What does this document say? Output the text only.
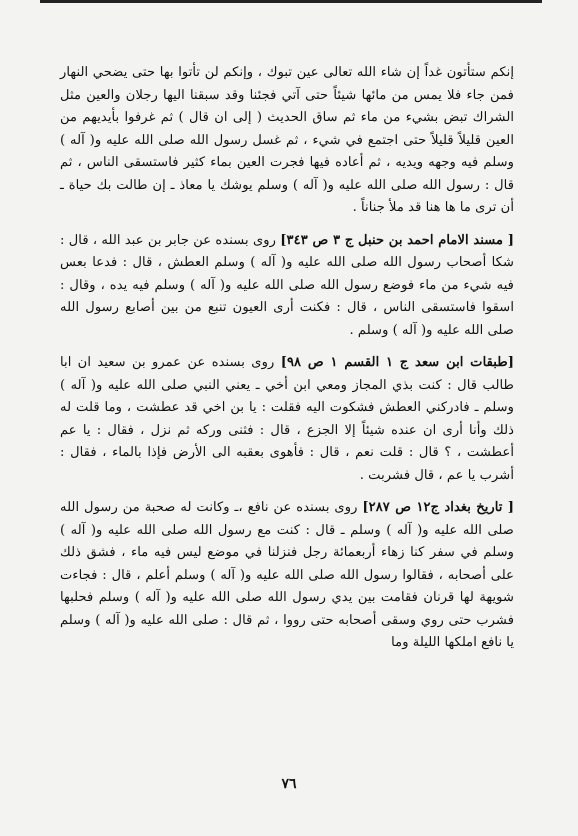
إنكم ستأتون غداً إن شاء الله تعالى عين تبوك ، وإنكم لن تأتوا بها حتى يضحي النهار فمن جاء فلا يمس من مائها شيئاً حتى آتي فجئنا وقد سبقنا اليها رجلان والعين مثل الشراك تبض بشيء من ماء ثم ساق الحديث ( إلى ان قال ) ثم غرفوا بأيديهم من العين قليلاً قليلاً حتى اجتمع في شيء ، ثم غسل رسول الله صلى الله عليه و( آله ) وسلم فيه وجهه ويديه ، ثم أعاده فيها فجرت العين بماء كثير فاستسقى الناس ، ثم قال : رسول الله صلى الله عليه و( آله ) وسلم يوشك يا معاذ ـ إن طالت بك حياة ـ أن ترى ما ها هنا قد ملأ جناناً .

[ مسند الامام احمد بن حنبل ج ٣ ص ٣٤٣] روى بسنده عن جابر بن عبد الله ، قال : شكا أصحاب رسول الله صلى الله عليه و( آله ) وسلم العطش ، قال : فدعا بعس فيه شيء من ماء فوضع رسول الله صلى الله عليه و( آله ) وسلم فيه يده ، وقال : اسقوا فاستسقى الناس ، قال : فكنت أرى العيون تنبع من بين أصابع رسول الله صلى الله عليه و( آله ) وسلم .

[طبقات ابن سعد ج ١ القسم ١ ص ٩٨] روى بسنده عن عمرو بن سعيد ان ابا طالب قال : كنت بذي المجاز ومعي ابن أخي ـ يعني النبي صلى الله عليه و( آله ) وسلم ـ فادركني العطش فشكوت اليه فقلت : يا بن اخي قد عطشت ، وما قلت له ذلك وأنا أرى ان عنده شيئاً إلا الجزع ، قال : فثنى وركه ثم نزل ، فقال : يا عم أعطشت ، ؟ قال : قلت نعم ، قال : فأهوى بعقبه الى الأرض فإذا بالماء ، فقال : أشرب يا عم ، قال فشربت .

[ تاريخ بغداد ج١٢ ص ٢٨٧] روى بسنده عن نافع ،ـ وكانت له صحبة من رسول الله صلى الله عليه و( آله ) وسلم ـ قال : كنت مع رسول الله صلى الله عليه و( آله ) وسلم في سفر كنا زهاء أربعمائة رجل فنزلنا في موضع ليس فيه ماء ، فشق ذلك على أصحابه ، فقالوا رسول الله صلى الله عليه و( آله ) وسلم أعلم ، قال : فجاءت شويهة لها قرنان فقامت بين يدي رسول الله صلى الله عليه و( آله ) وسلم فحلبها فشرب حتى روي وسقى أصحابه حتى رووا ، ثم قال : صلى الله عليه و( آله ) وسلم يا نافع املكها الليلة وما

٧٦
